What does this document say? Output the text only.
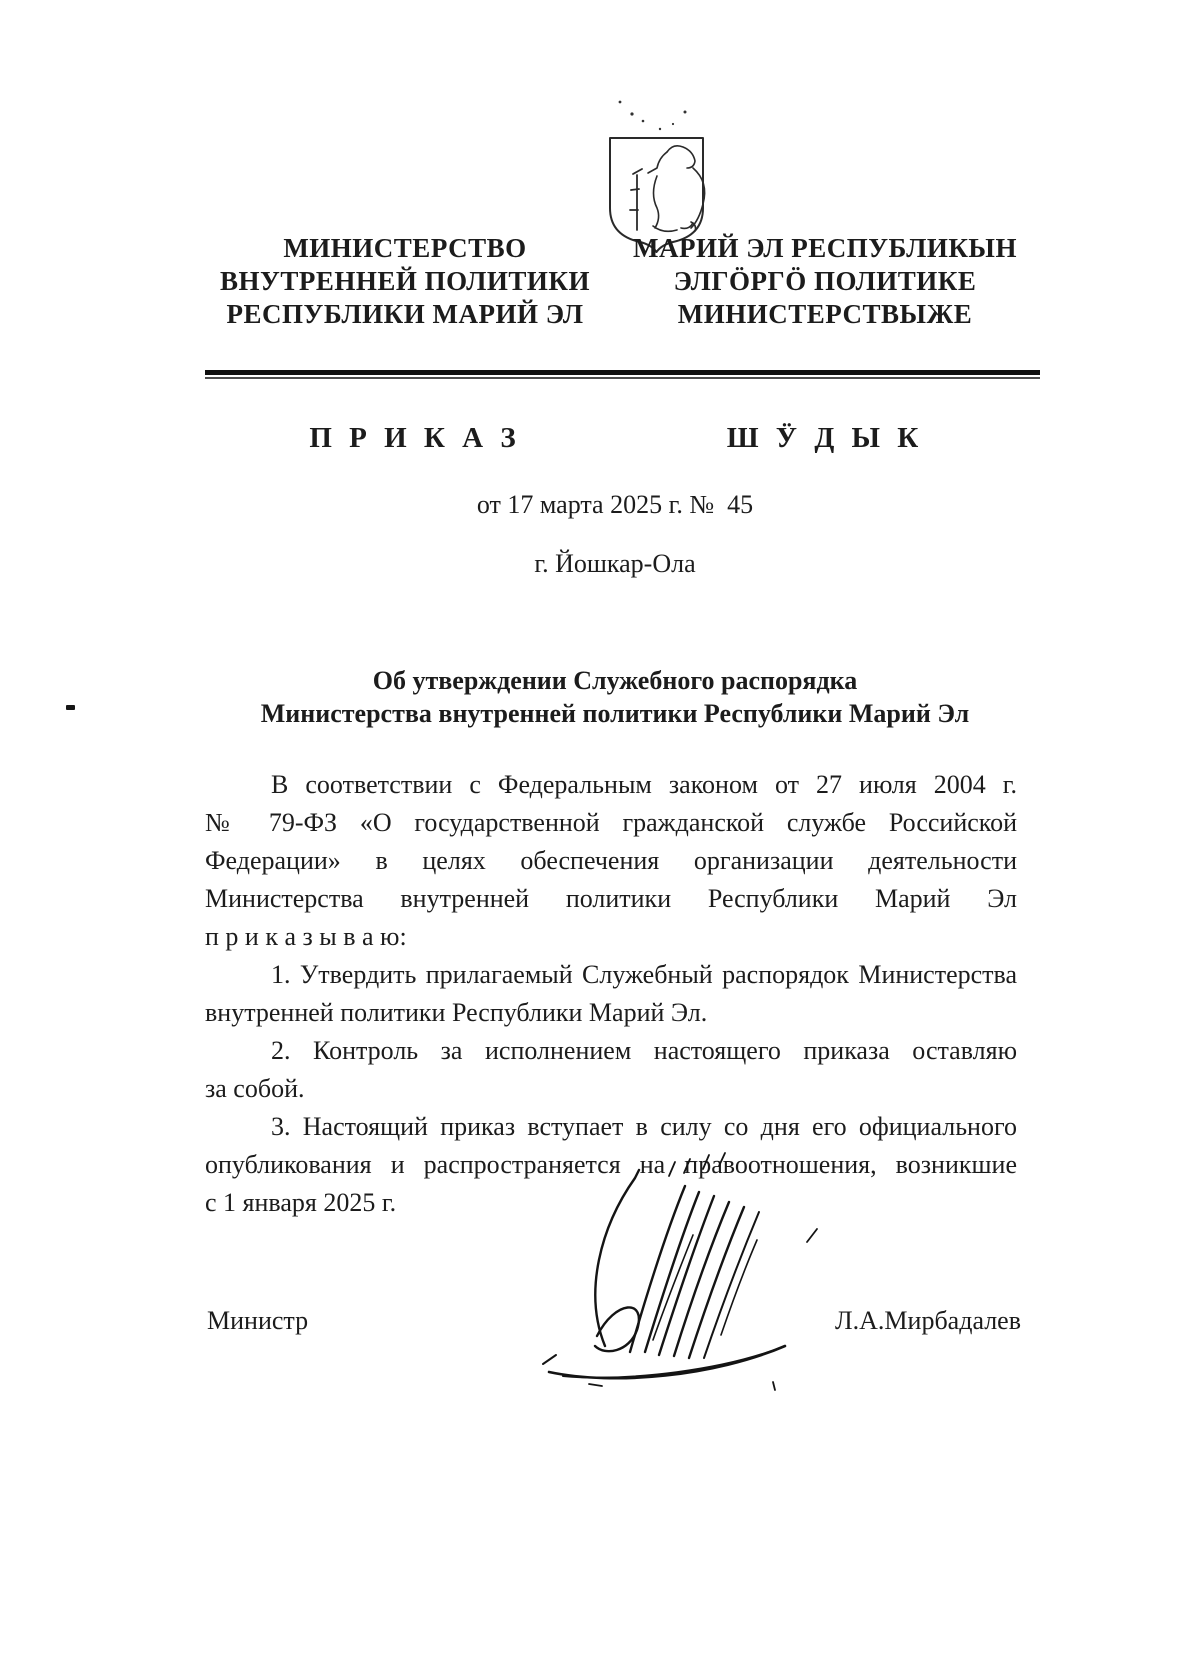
МИНИСТЕРСТВО
ВНУТРЕННЕЙ ПОЛИТИКИ
РЕСПУБЛИКИ МАРИЙ ЭЛ
МАРИЙ ЭЛ РЕСПУБЛИКЫН
ЭЛГӦРГӦ ПОЛИТИКЕ
МИНИСТЕРСТВЫЖЕ
П Р И К А З	Ш Ӱ Д Ы К
от 17 марта 2025 г. №  45
г. Йошкар-Ола
Об утверждении Служебного распорядка
Министерства внутренней политики Республики Марий Эл
В соответствии с Федеральным законом от 27 июля 2004 г.
№ 79-ФЗ «О государственной гражданской службе Российской
Федерации» в целях обеспечения организации деятельности
Министерства внутренней политики Республики Марий Эл
п р и к а з ы в а ю:
1. Утвердить прилагаемый Служебный распорядок Министерства
внутренней политики Республики Марий Эл.
2. Контроль за исполнением настоящего приказа оставляю
за собой.
3. Настоящий приказ вступает в силу со дня его официального
опубликования и распространяется на правоотношения, возникшие
с 1 января 2025 г.
Министр	Л.А.Мирбадалев
